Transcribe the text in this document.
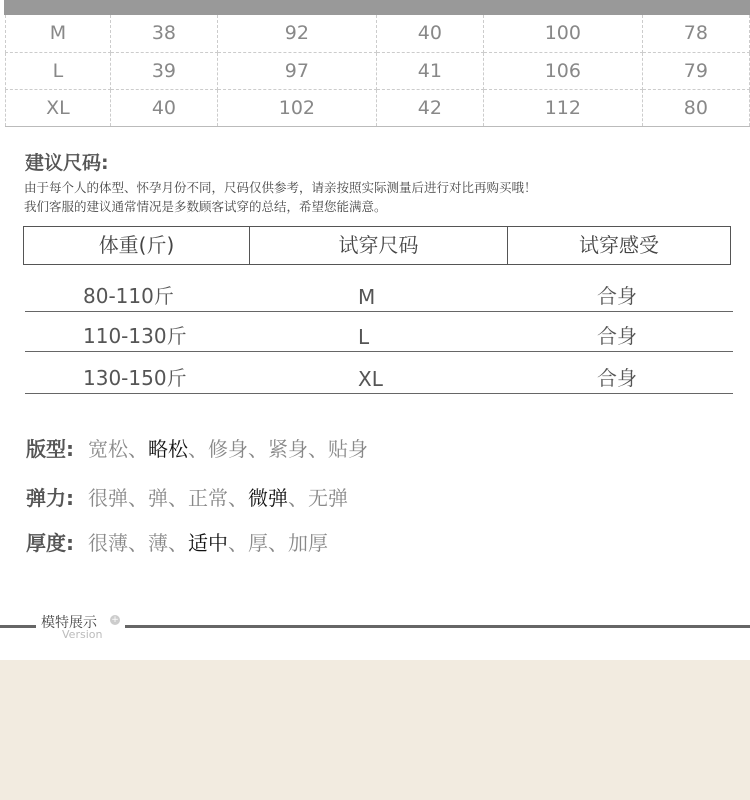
M	38	92	40	100	78
L	39	97	41	106	79
XL	40	102	42	112	80
建议尺码:
由于每个人的体型、怀孕月份不同，尺码仅供参考，请亲按照实际测量后进行对比再购买哦！
我们客服的建议通常情况是多数顾客试穿的总结，希望您能满意。
体重(斤)	试穿尺码	试穿感受
80-110斤	M	合身
110-130斤	L	合身
130-150斤	XL	合身
版型: 宽松、略松、修身、紧身、贴身
弹力: 很弹、弹、正常、微弹、无弹
厚度: 很薄、薄、适中、厚、加厚
模特展示 +
Version
